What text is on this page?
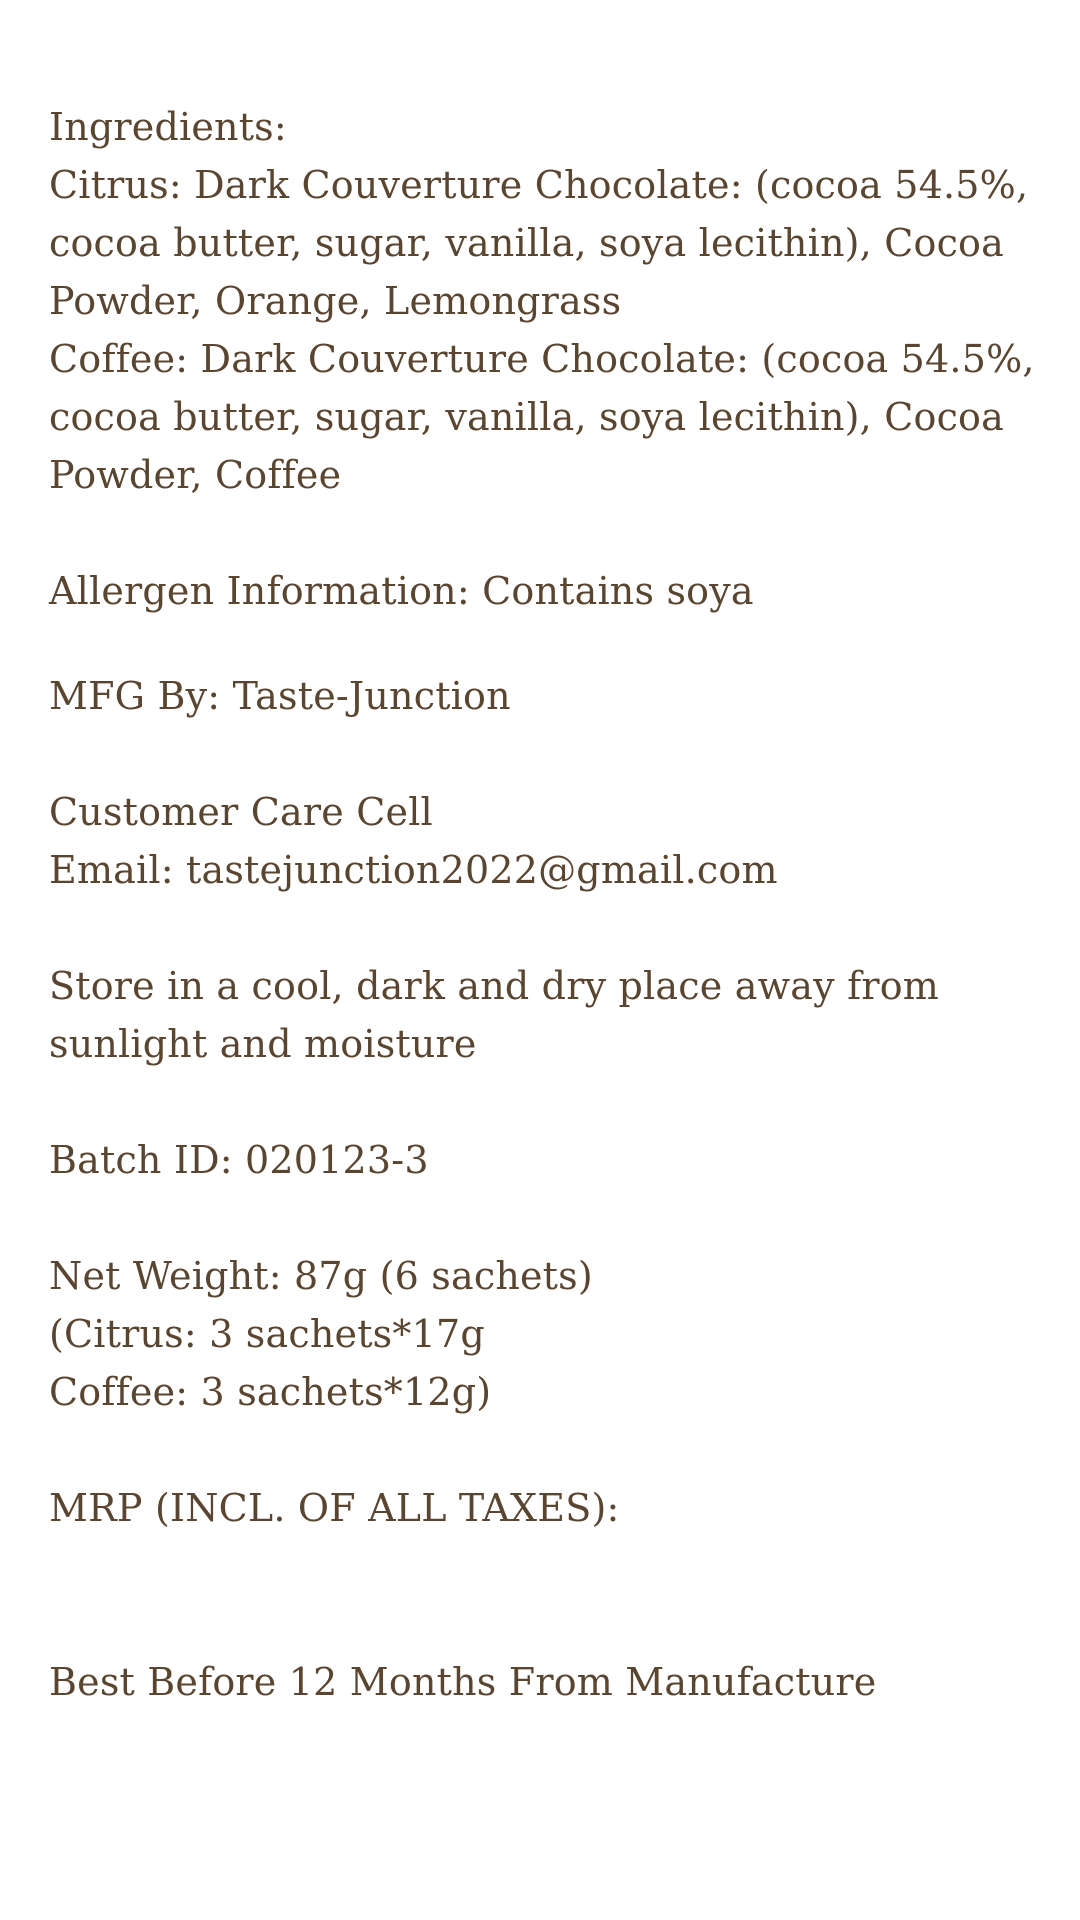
Ingredients:
Citrus: Dark Couverture Chocolate: (cocoa 54.5%,
cocoa butter, sugar, vanilla, soya lecithin), Cocoa
Powder, Orange, Lemongrass
Coffee: Dark Couverture Chocolate: (cocoa 54.5%,
cocoa butter, sugar, vanilla, soya lecithin), Cocoa
Powder, Coffee
Allergen Information: Contains soya
MFG By: Taste-Junction
Customer Care Cell
Email: tastejunction2022@gmail.com
Store in a cool, dark and dry place away from
sunlight and moisture
Batch ID: 020123-3
Net Weight: 87g (6 sachets)
(Citrus: 3 sachets*17g
Coffee: 3 sachets*12g)
MRP (INCL. OF ALL TAXES):
Best Before 12 Months From Manufacture
